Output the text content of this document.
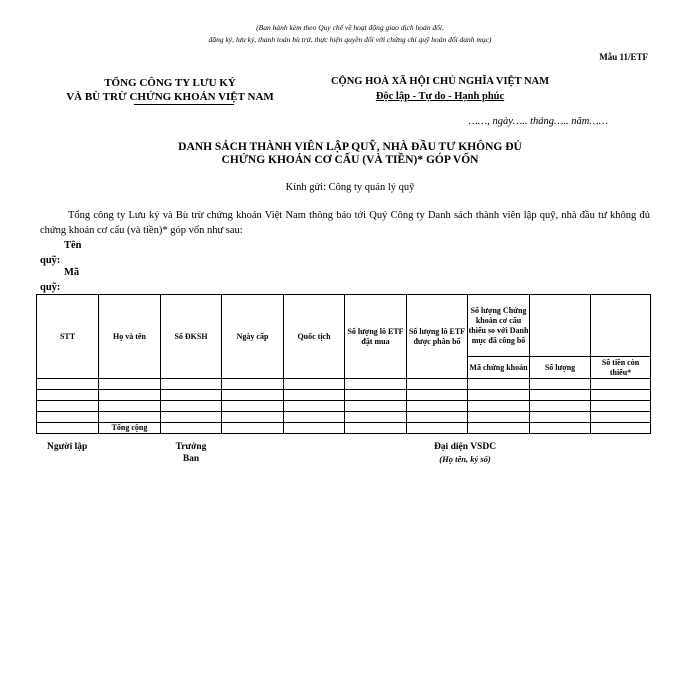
(Ban hành kèm theo Quy chế về hoạt động giao dịch hoán đổi,
đăng ký, lưu ký, thanh toán bù trừ, thực hiện quyền đối với chứng chỉ quỹ hoán đổi danh mục)
Mẫu 11/ETF
TỔNG CÔNG TY LƯU KÝ
VÀ BÙ TRỪ CHỨNG KHOÁN VIỆT NAM
CỘNG HOÀ XÃ HỘI CHỦ NGHĨA VIỆT NAM
Độc lập - Tự do - Hạnh phúc
……, ngày….. tháng….. năm……
DANH SÁCH THÀNH VIÊN LẬP QUỸ, NHÀ ĐẦU TƯ KHÔNG ĐỦ
CHỨNG KHOÁN CƠ CẤU (VÀ TIỀN)* GÓP VỐN
Kính gửi: Công ty quản lý quỹ
Tổng công ty Lưu ký và Bù trừ chứng khoán Việt Nam thông báo tới Quý Công ty Danh sách thành viên lập quỹ, nhà đầu tư không đủ chứng khoán cơ cấu (và tiền)* góp vốn như sau:
Tên
quỹ:
Mã
quỹ:
STT	Họ và tên	Số ĐKSH	Ngày cấp	Quốc tịch	Số lượng lô ETF đặt mua	Số lượng lô ETF được phân bổ	Số lượng Chứng khoán cơ cấu thiếu so với Danh mục đã công bố		
							Mã chứng khoán	Số lượng	Số tiền còn thiếu*

	Tổng cộng								
Người lập	Trưởng
Ban
Đại diện VSDC
(Họ tên, ký số)
